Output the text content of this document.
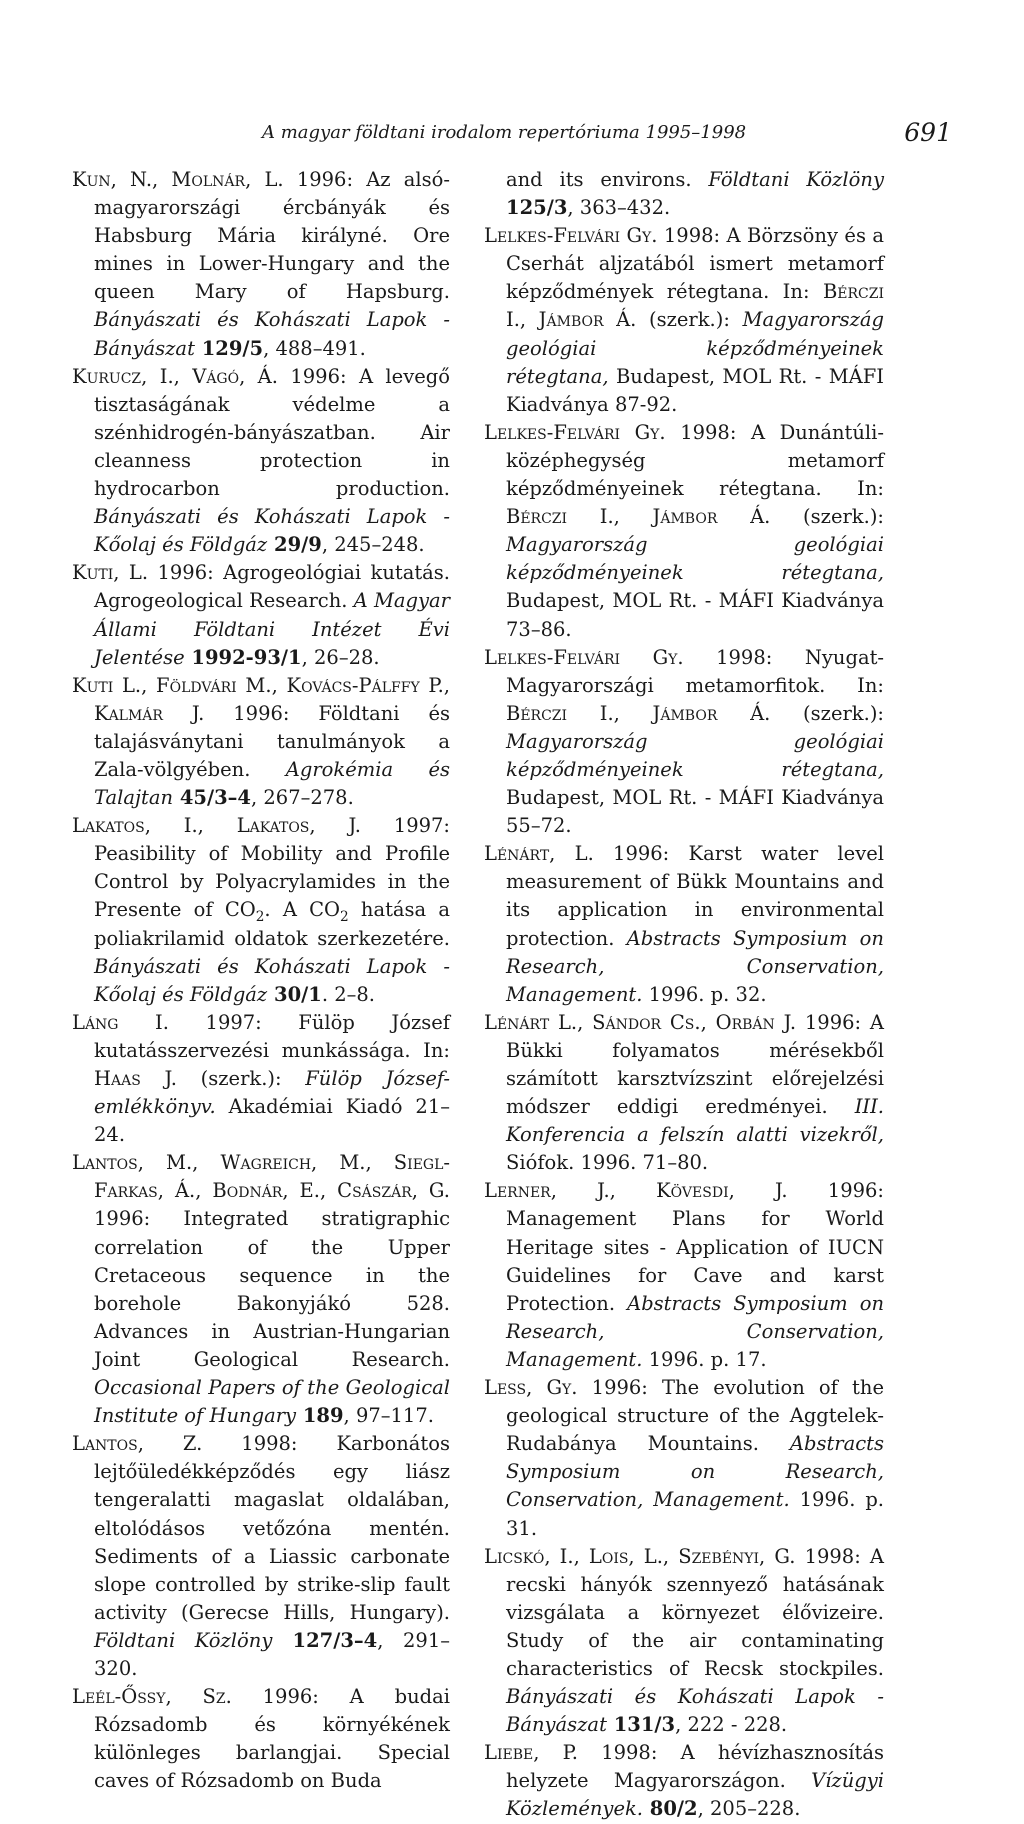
A magyar földtani irodalom repertóriuma 1995–1998	691

Kun, N., Molnár, L. 1996: Az alsó-magyarországi ércbányák és Habsburg Mária királyné. Ore mines in Lower-Hungary and the queen Mary of Hapsburg. Bányászati és Kohászati Lapok - Bányászat 129/5, 488–491.

Kurucz, I., Vágó, Á. 1996: A levegő tisztaságának védelme a szénhidrogén-bányászatban. Air cleanness protection in hydrocarbon production. Bányászati és Kohászati Lapok - Kőolaj és Földgáz 29/9, 245–248.

Kuti, L. 1996: Agrogeológiai kutatás. Agrogeological Research. A Magyar Állami Földtani Intézet Évi Jelentése 1992-93/1, 26–28.

Kuti L., Földvári M., Kovács-Pálffy P., Kalmár J. 1996: Földtani és talajásványtani tanulmányok a Zala-völgyében. Agrokémia és Talajtan 45/3–4, 267–278.

Lakatos, I., Lakatos, J. 1997: Peasibility of Mobility and Profile Control by Polyacrylamides in the Presente of $CO_2$. A $CO_2$ hatása a poliakrilamid oldatok szerkezetére. Bányászati és Kohászati Lapok - Kőolaj és Földgáz 30/1. 2–8.

Láng I. 1997: Fülöp József kutatásszervezési munkássága. In: Haas J. (szerk.): Fülöp József-emlékkönyv. Akadémiai Kiadó 21–24.

Lantos, M., Wagreich, M., Siegl-Farkas, Á., Bodnár, E., Császár, G. 1996: Integrated stratigraphic correlation of the Upper Cretaceous sequence in the borehole Bakonyjákó 528. Advances in Austrian-Hungarian Joint Geological Research. Occasional Papers of the Geological Institute of Hungary 189, 97–117.

Lantos, Z. 1998: Karbonátos lejtőüledékképződés egy liász tengeralatti magaslat oldalában, eltolódásos vetőzóna mentén. Sediments of a Liassic carbonate slope controlled by strike-slip fault activity (Gerecse Hills, Hungary). Földtani Közlöny 127/3–4, 291–320.

Leél-Őssy, Sz. 1996: A budai Rózsadomb és környékének különleges barlangjai. Special caves of Rózsadomb on Buda

and its environs. Földtani Közlöny 125/3, 363–432.

Lelkes-Felvári Gy. 1998: A Börzsöny és a Cserhát aljzatából ismert metamorf képződmények rétegtana. In: Bérczi I., Jámbor Á. (szerk.): Magyarország geológiai képződményeinek rétegtana, Budapest, MOL Rt. - MÁFI Kiadványa 87-92.

Lelkes-Felvári Gy. 1998: A Dunántúli-középhegység metamorf képződményeinek rétegtana. In: Bérczi I., Jámbor Á. (szerk.): Magyarország geológiai képződményeinek rétegtana, Budapest, MOL Rt. - MÁFI Kiadványa 73–86.

Lelkes-Felvári Gy. 1998: Nyugat-Magyarországi metamorfitok. In: Bérczi I., Jámbor Á. (szerk.): Magyarország geológiai képződményeinek rétegtana, Budapest, MOL Rt. - MÁFI Kiadványa 55–72.

Lénárt, L. 1996: Karst water level measurement of Bükk Mountains and its application in environmental protection. Abstracts Symposium on Research, Conservation, Management. 1996. p. 32.

Lénárt L., Sándor Cs., Orbán J. 1996: A Bükki folyamatos mérésekből számított karsztvízszint előrejelzési módszer eddigi eredményei. III. Konferencia a felszín alatti vizekről, Siófok. 1996. 71–80.

Lerner, J., Kövesdi, J. 1996: Management Plans for World Heritage sites - Application of IUCN Guidelines for Cave and karst Protection. Abstracts Symposium on Research, Conservation, Management. 1996. p. 17.

Less, Gy. 1996: The evolution of the geological structure of the Aggtelek-Rudabánya Mountains. Abstracts Symposium on Research, Conservation, Management. 1996. p. 31.

Licskó, I., Lois, L., Szebényi, G. 1998: A recski hányók szennyező hatásának vizsgálata a környezet élővizeire. Study of the air contaminating characteristics of Recsk stockpiles. Bányászati és Kohászati Lapok - Bányászat 131/3, 222 - 228.

Liebe, P. 1998: A hévízhasznosítás helyzete Magyarországon. Vízügyi Közlemények. 80/2, 205–228.
